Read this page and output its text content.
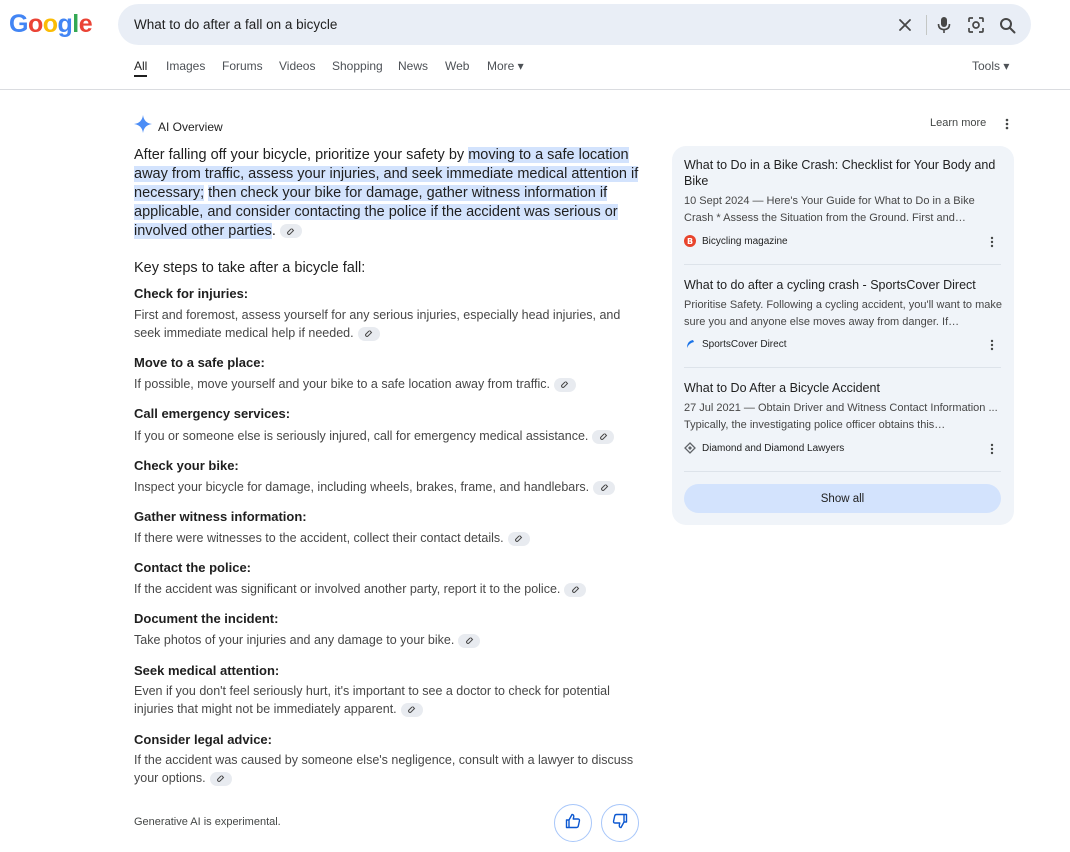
Google
What to do after a fall on a bicycle
All Images Forums Videos Shopping News Web More ▾	Tools ▾
AI Overview	Learn more
After falling off your bicycle, prioritize your safety by moving to a safe location away from traffic, assess your injuries, and seek immediate medical attention if necessary; then check your bike for damage, gather witness information if applicable, and consider contacting the police if the accident was serious or involved other parties.
Key steps to take after a bicycle fall:
Check for injuries:
First and foremost, assess yourself for any serious injuries, especially head injuries, and seek immediate medical help if needed.
Move to a safe place:
If possible, move yourself and your bike to a safe location away from traffic.
Call emergency services:
If you or someone else is seriously injured, call for emergency medical assistance.
Check your bike:
Inspect your bicycle for damage, including wheels, brakes, frame, and handlebars.
Gather witness information:
If there were witnesses to the accident, collect their contact details.
Contact the police:
If the accident was significant or involved another party, report it to the police.
Document the incident:
Take photos of your injuries and any damage to your bike.
Seek medical attention:
Even if you don't feel seriously hurt, it's important to see a doctor to check for potential injuries that might not be immediately apparent.
Consider legal advice:
If the accident was caused by someone else's negligence, consult with a lawyer to discuss your options.
Generative AI is experimental.
What to Do in a Bike Crash: Checklist for Your Body and Bike
10 Sept 2024 — Here's Your Guide for What to Do in a Bike Crash * Assess the Situation from the Ground. First and…
B Bicycling magazine
What to do after a cycling crash - SportsCover Direct
Prioritise Safety. Following a cycling accident, you'll want to make sure you and anyone else moves away from danger. If…
SportsCover Direct
What to Do After a Bicycle Accident
27 Jul 2021 — Obtain Driver and Witness Contact Information ... Typically, the investigating police officer obtains this…
Diamond and Diamond Lawyers
Show all
